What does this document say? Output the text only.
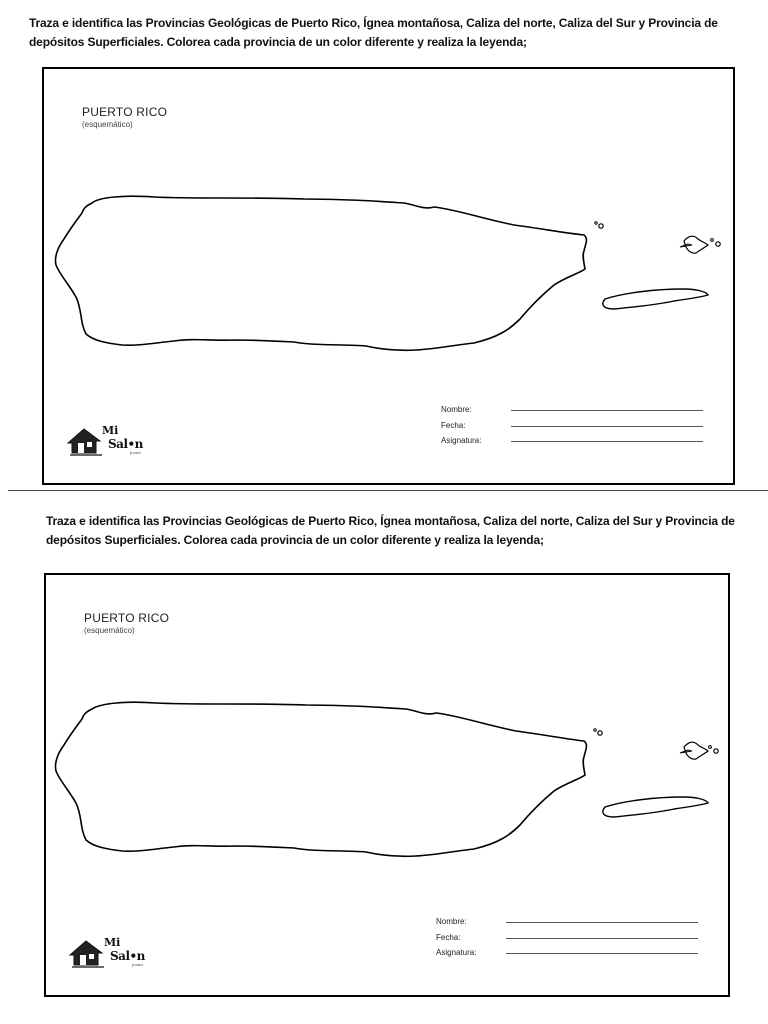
Traza e identifica las Provincias Geológicas de Puerto Rico, Ígnea montañosa, Caliza del norte, Caliza del Sur y Provincia de depósitos Superficiales. Colorea cada provincia de un color diferente y realiza la leyenda;

PUERTO RICO

(esquemático)

Nombre:
Fecha:
Asignatura:

Mi

Sal•n

jr.com

Traza e identifica las Provincias Geológicas de Puerto Rico, Ígnea montañosa, Caliza del norte, Caliza del Sur y Provincia de depósitos Superficiales. Colorea cada provincia de un color diferente y realiza la leyenda;

PUERTO RICO

(esquemático)

Nombre:
Fecha:
Asignatura:

Mi

Sal•n

jr.com
